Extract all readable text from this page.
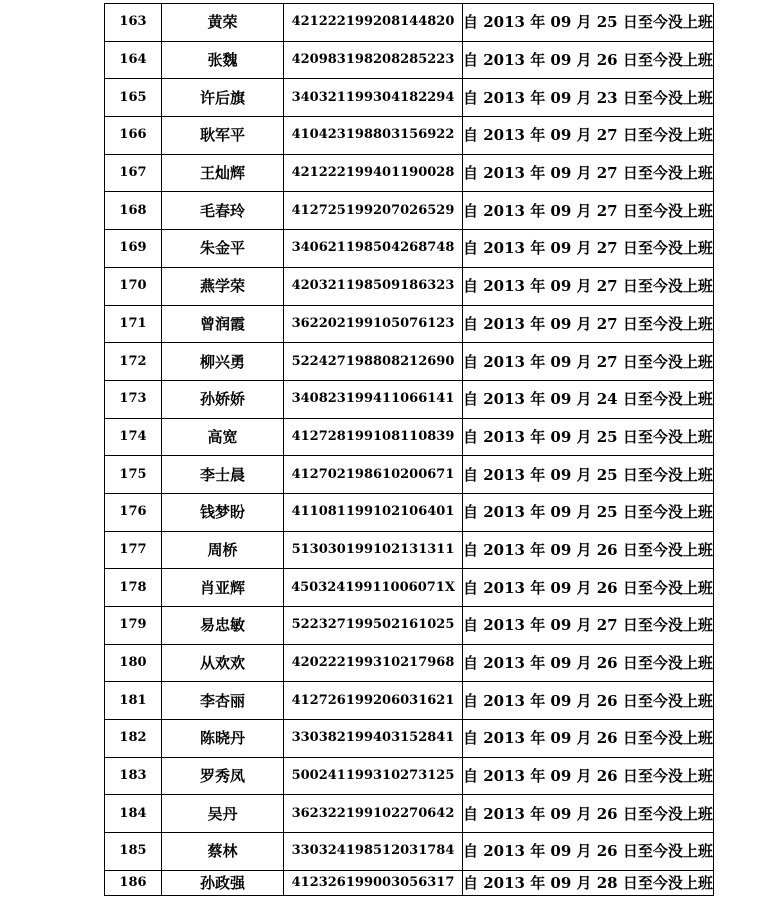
163	黄荣	421222199208144820	自 2013 年 09 月 25 日至今没上班
164	张魏	420983198208285223	自 2013 年 09 月 26 日至今没上班
165	许后旗	340321199304182294	自 2013 年 09 月 23 日至今没上班
166	耿军平	410423198803156922	自 2013 年 09 月 27 日至今没上班
167	王灿辉	421222199401190028	自 2013 年 09 月 27 日至今没上班
168	毛春玲	412725199207026529	自 2013 年 09 月 27 日至今没上班
169	朱金平	340621198504268748	自 2013 年 09 月 27 日至今没上班
170	燕学荣	420321198509186323	自 2013 年 09 月 27 日至今没上班
171	曾润霞	362202199105076123	自 2013 年 09 月 27 日至今没上班
172	柳兴勇	522427198808212690	自 2013 年 09 月 27 日至今没上班
173	孙娇娇	340823199411066141	自 2013 年 09 月 24 日至今没上班
174	高宽	412728199108110839	自 2013 年 09 月 25 日至今没上班
175	李士晨	412702198610200671	自 2013 年 09 月 25 日至今没上班
176	钱梦盼	411081199102106401	自 2013 年 09 月 25 日至今没上班
177	周桥	513030199102131311	自 2013 年 09 月 26 日至今没上班
178	肖亚辉	45032419911006071X	自 2013 年 09 月 26 日至今没上班
179	易忠敏	522327199502161025	自 2013 年 09 月 27 日至今没上班
180	从欢欢	420222199310217968	自 2013 年 09 月 26 日至今没上班
181	李杏丽	412726199206031621	自 2013 年 09 月 26 日至今没上班
182	陈晓丹	330382199403152841	自 2013 年 09 月 26 日至今没上班
183	罗秀凤	500241199310273125	自 2013 年 09 月 26 日至今没上班
184	吴丹	362322199102270642	自 2013 年 09 月 26 日至今没上班
185	蔡林	330324198512031784	自 2013 年 09 月 26 日至今没上班
186	孙政强	412326199003056317	自 2013 年 09 月 28 日至今没上班
